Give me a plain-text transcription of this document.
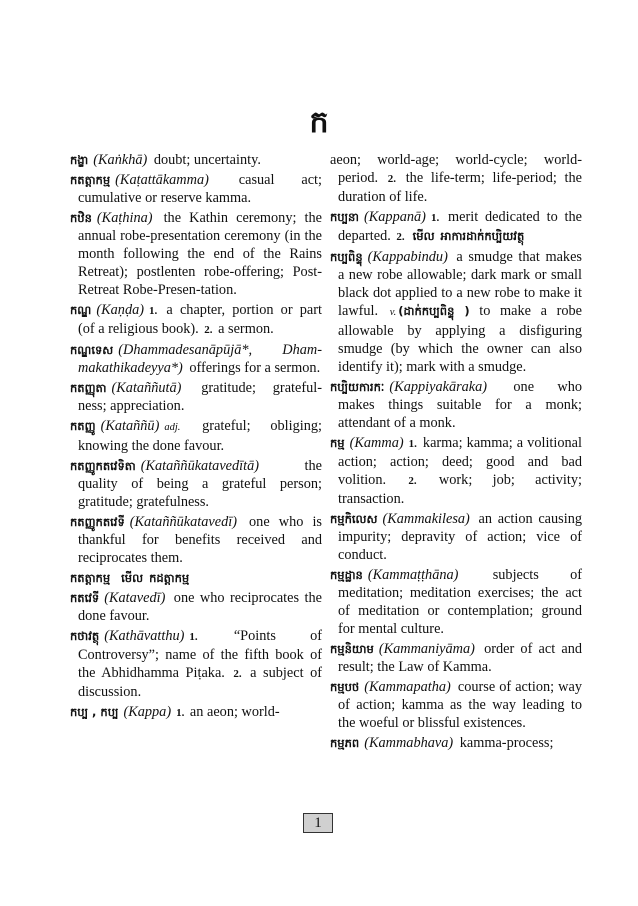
ក
កង្ខា (Kaṅkhā) doubt; uncertainty.
កតត្តាកម្ម (Kaṭattākamma) casual act; cumulative or reserve kamma.
កឋិន (Kaṭhina) the Kathin ceremony; the annual robe-presentation ceremony (in the month following the end of the Rains Retreat); postlenten robe-offering; Post-Retreat Robe-Presen-tation.
កណ្ឌ (Kaṇḍa) 1. a chapter, portion or part (of a religious book). 2. a sermon.
កណ្ឌទេស (Dhammadesanāpūjā*, Dham-makathikadeyya*) offerings for a sermon.
កតញ្ញុតា (Kataññutā) gratitude; grateful-ness; appreciation.
កតញ្ញូ (Kataññū) adj. grateful; obliging; knowing the done favour.
កតញ្ញូកតវេទិតា (Kataññūkatavedītā) the quality of being a grateful person; gratitude; gratefulness.
កតញ្ញូកតវេទី (Kataññūkatavedī) one who is thankful for benefits received and reciprocates them.
កតត្តាកម្ម មើល កដត្តាកម្ម
កតវេទី (Katavedī) one who reciprocates the done favour.
កថាវត្ថុ (Kathāvatthu) 1. “Points of Controversy”; name of the fifth book of the Abhidhamma Piṭaka. 2. a subject of discussion.
កប្ប , កប្ប (Kappa) 1. an aeon; world-
aeon; world-age; world-cycle; world-period. 2. the life-term; life-period; the duration of life.
កប្បនា (Kappanā) 1. merit dedicated to the departed. 2. មើល អាការដាក់កប្បិយវត្ថុ
កប្បពិន្ទុ (Kappabindu) a smudge that makes a new robe allowable; dark mark or small black dot applied to a new robe to make it lawful. v. (ដាក់កប្បពិន្ទុ ) to make a robe allowable by applying a disfiguring smudge (by which the owner can also identify it); mark with a smudge.
កប្បិយការកៈ (Kappiyakāraka) one who makes things suitable for a monk; attendant of a monk.
កម្ម (Kamma) 1. karma; kamma; a volitional action; action; deed; good and bad volition. 2. work; job; activity; transaction.
កម្មកិលេស (Kammakilesa) an action causing impurity; depravity of action; vice of conduct.
កម្មដ្ឋាន (Kammaṭṭhāna) subjects of meditation; meditation exercises; the act of meditation or contemplation; ground for mental culture.
កម្មនិយាម (Kammaniyāma) order of act and result; the Law of Kamma.
កម្មបថ (Kammapatha) course of action; way of action; kamma as the way leading to the woeful or blissful existences.
កម្មភព (Kammabhava) kamma-process;
1
